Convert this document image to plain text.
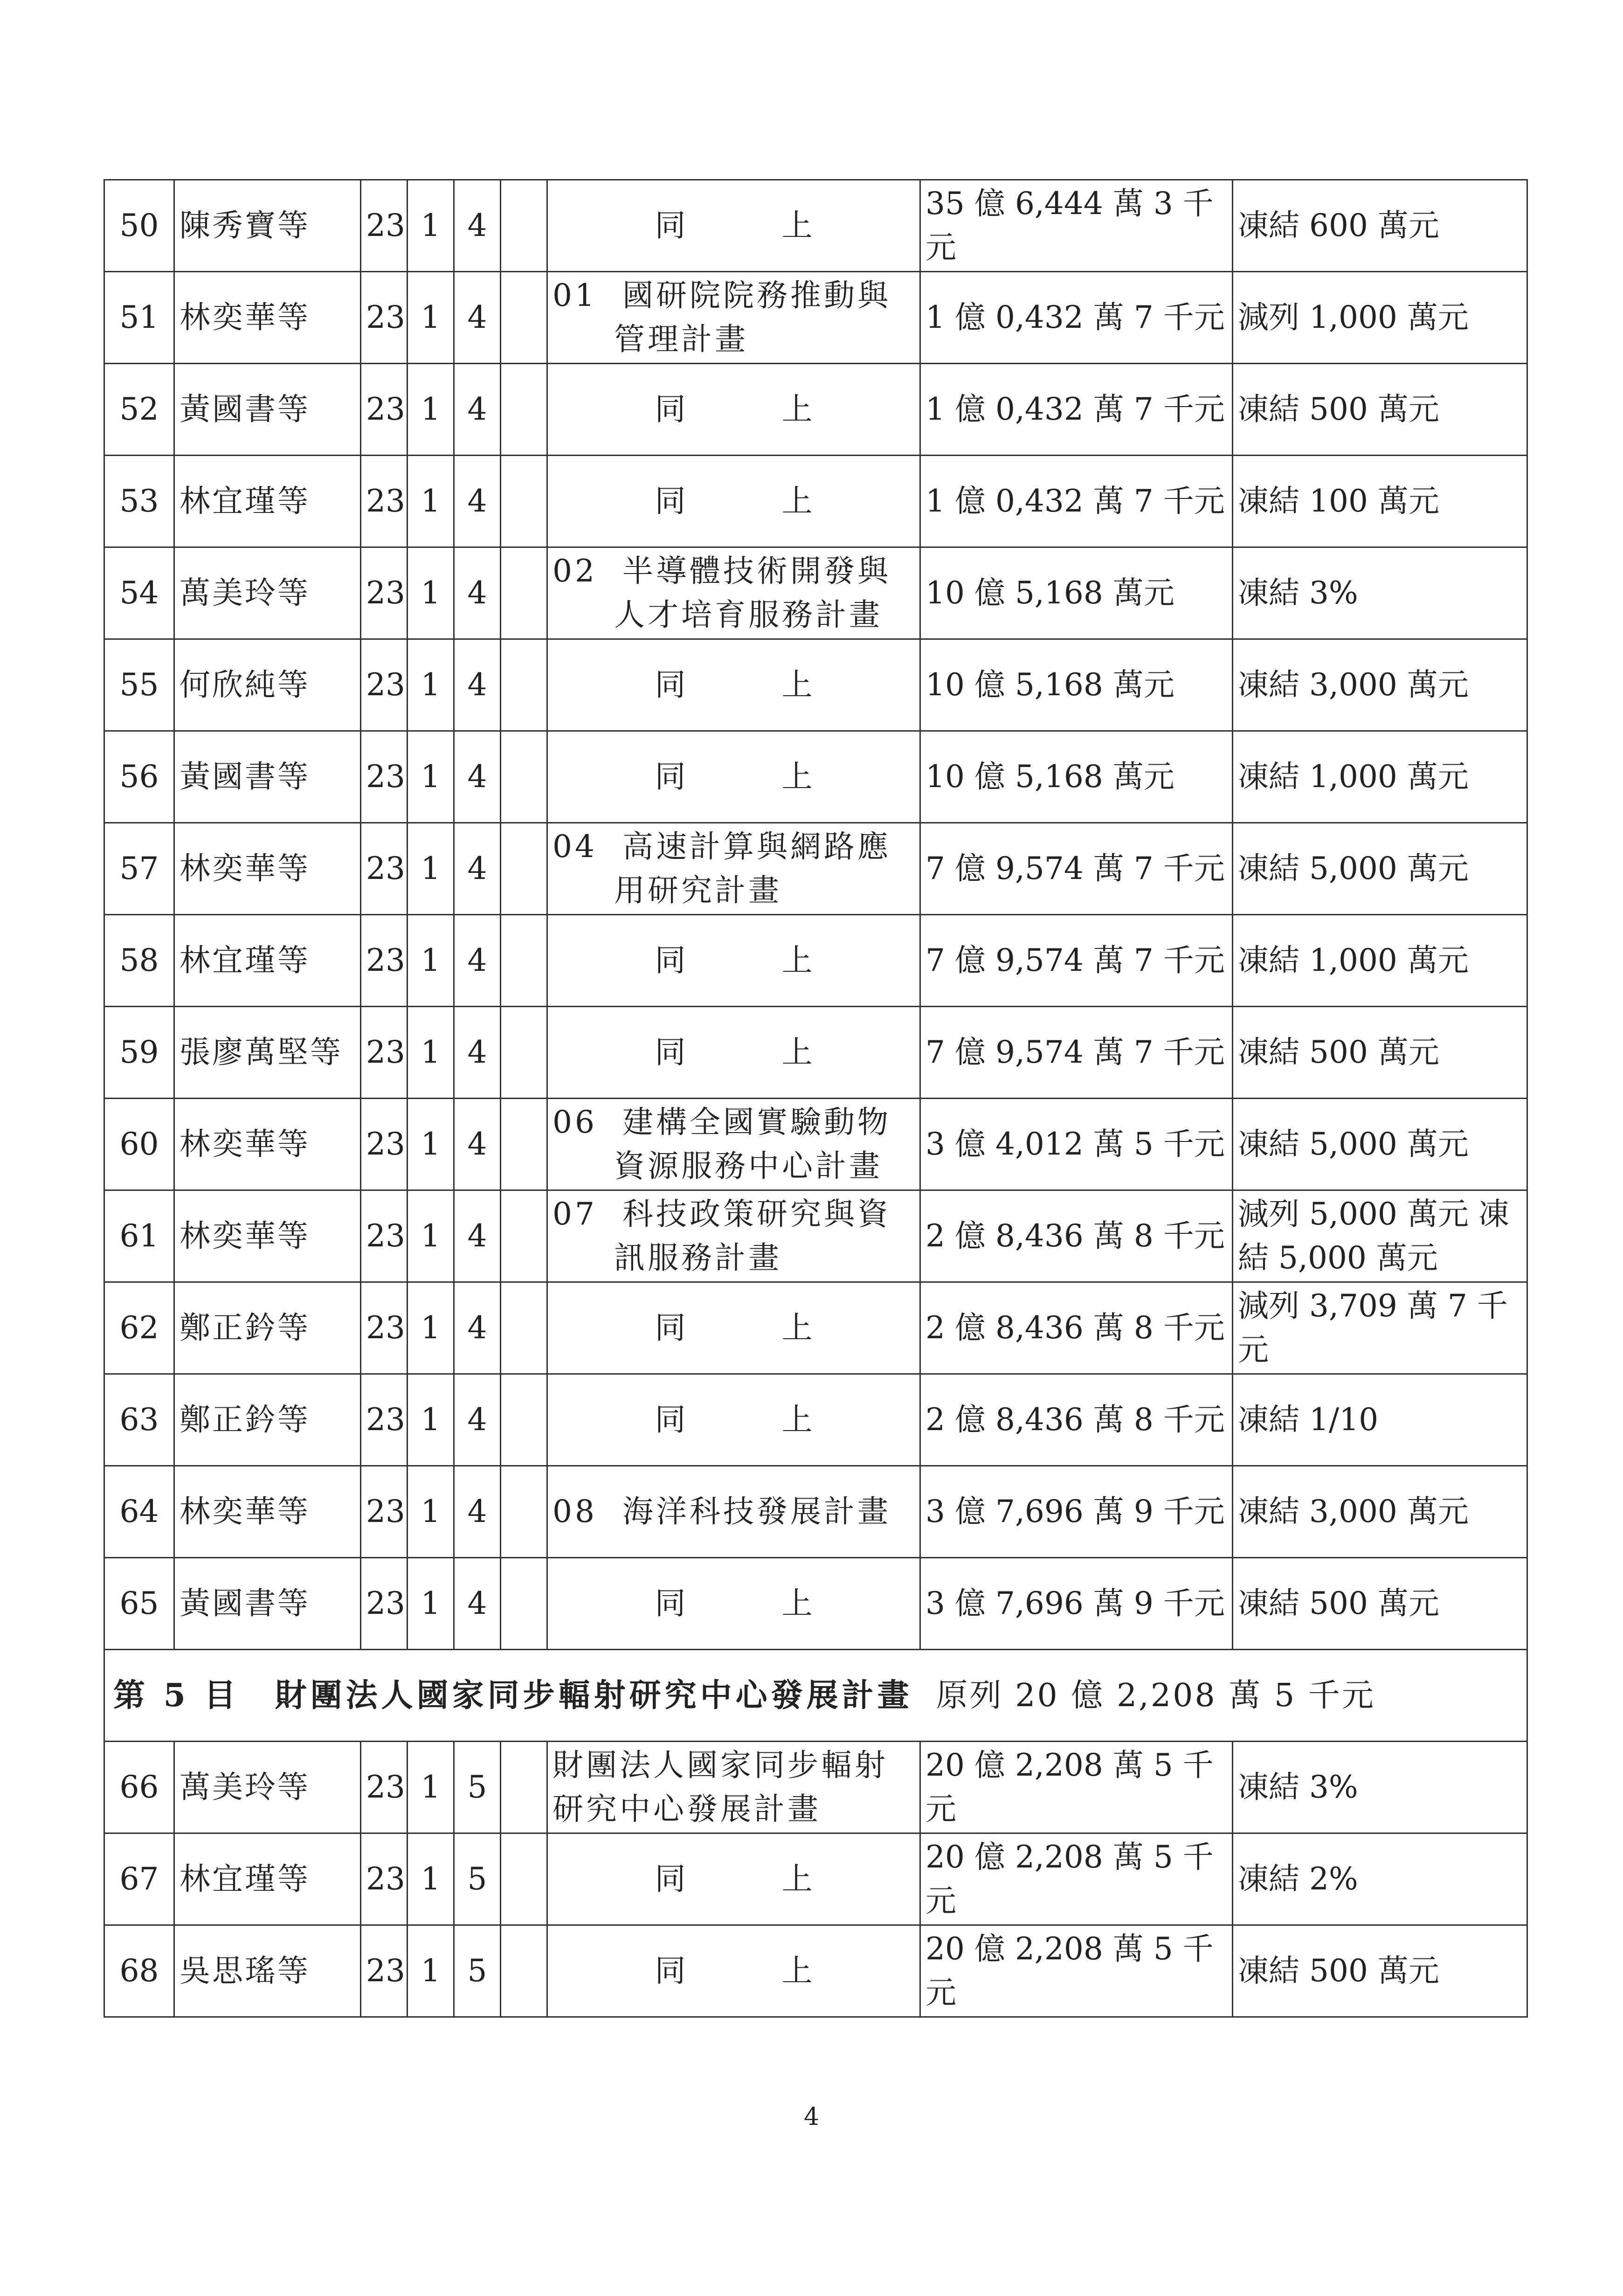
50	陳秀寶等	23	1	4		同　上	35 億 6,444 萬 3 千元	凍結 600 萬元
51	林奕華等	23	1	4		01 國研院院務推動與
管理計畫	1 億 0,432 萬 7 千元	減列 1,000 萬元
52	黃國書等	23	1	4		同　上	1 億 0,432 萬 7 千元	凍結 500 萬元
53	林宜瑾等	23	1	4		同　上	1 億 0,432 萬 7 千元	凍結 100 萬元
54	萬美玲等	23	1	4		02 半導體技術開發與
人才培育服務計畫	10 億 5,168 萬元	凍結 3%
55	何欣純等	23	1	4		同　上	10 億 5,168 萬元	凍結 3,000 萬元
56	黃國書等	23	1	4		同　上	10 億 5,168 萬元	凍結 1,000 萬元
57	林奕華等	23	1	4		04 高速計算與網路應
用研究計畫	7 億 9,574 萬 7 千元	凍結 5,000 萬元
58	林宜瑾等	23	1	4		同　上	7 億 9,574 萬 7 千元	凍結 1,000 萬元
59	張廖萬堅等	23	1	4		同　上	7 億 9,574 萬 7 千元	凍結 500 萬元
60	林奕華等	23	1	4		06 建構全國實驗動物
資源服務中心計畫	3 億 4,012 萬 5 千元	凍結 5,000 萬元
61	林奕華等	23	1	4		07 科技政策研究與資
訊服務計畫	2 億 8,436 萬 8 千元	減列 5,000 萬元 凍結 5,000 萬元
62	鄭正鈐等	23	1	4		同　上	2 億 8,436 萬 8 千元	減列 3,709 萬 7 千元
63	鄭正鈐等	23	1	4		同　上	2 億 8,436 萬 8 千元	凍結 1/10
64	林奕華等	23	1	4		08 海洋科技發展計畫	3 億 7,696 萬 9 千元	凍結 3,000 萬元
65	黃國書等	23	1	4		同　上	3 億 7,696 萬 9 千元	凍結 500 萬元
第 5 目　財團法人國家同步輻射研究中心發展計畫 原列 20 億 2,208 萬 5 千元								
66	萬美玲等	23	1	5		財團法人國家同步輻射研究中心發展計畫	20 億 2,208 萬 5 千元	凍結 3%
67	林宜瑾等	23	1	5		同　上	20 億 2,208 萬 5 千元	凍結 2%
68	吳思瑤等	23	1	5		同　上	20 億 2,208 萬 5 千元	凍結 500 萬元
4
